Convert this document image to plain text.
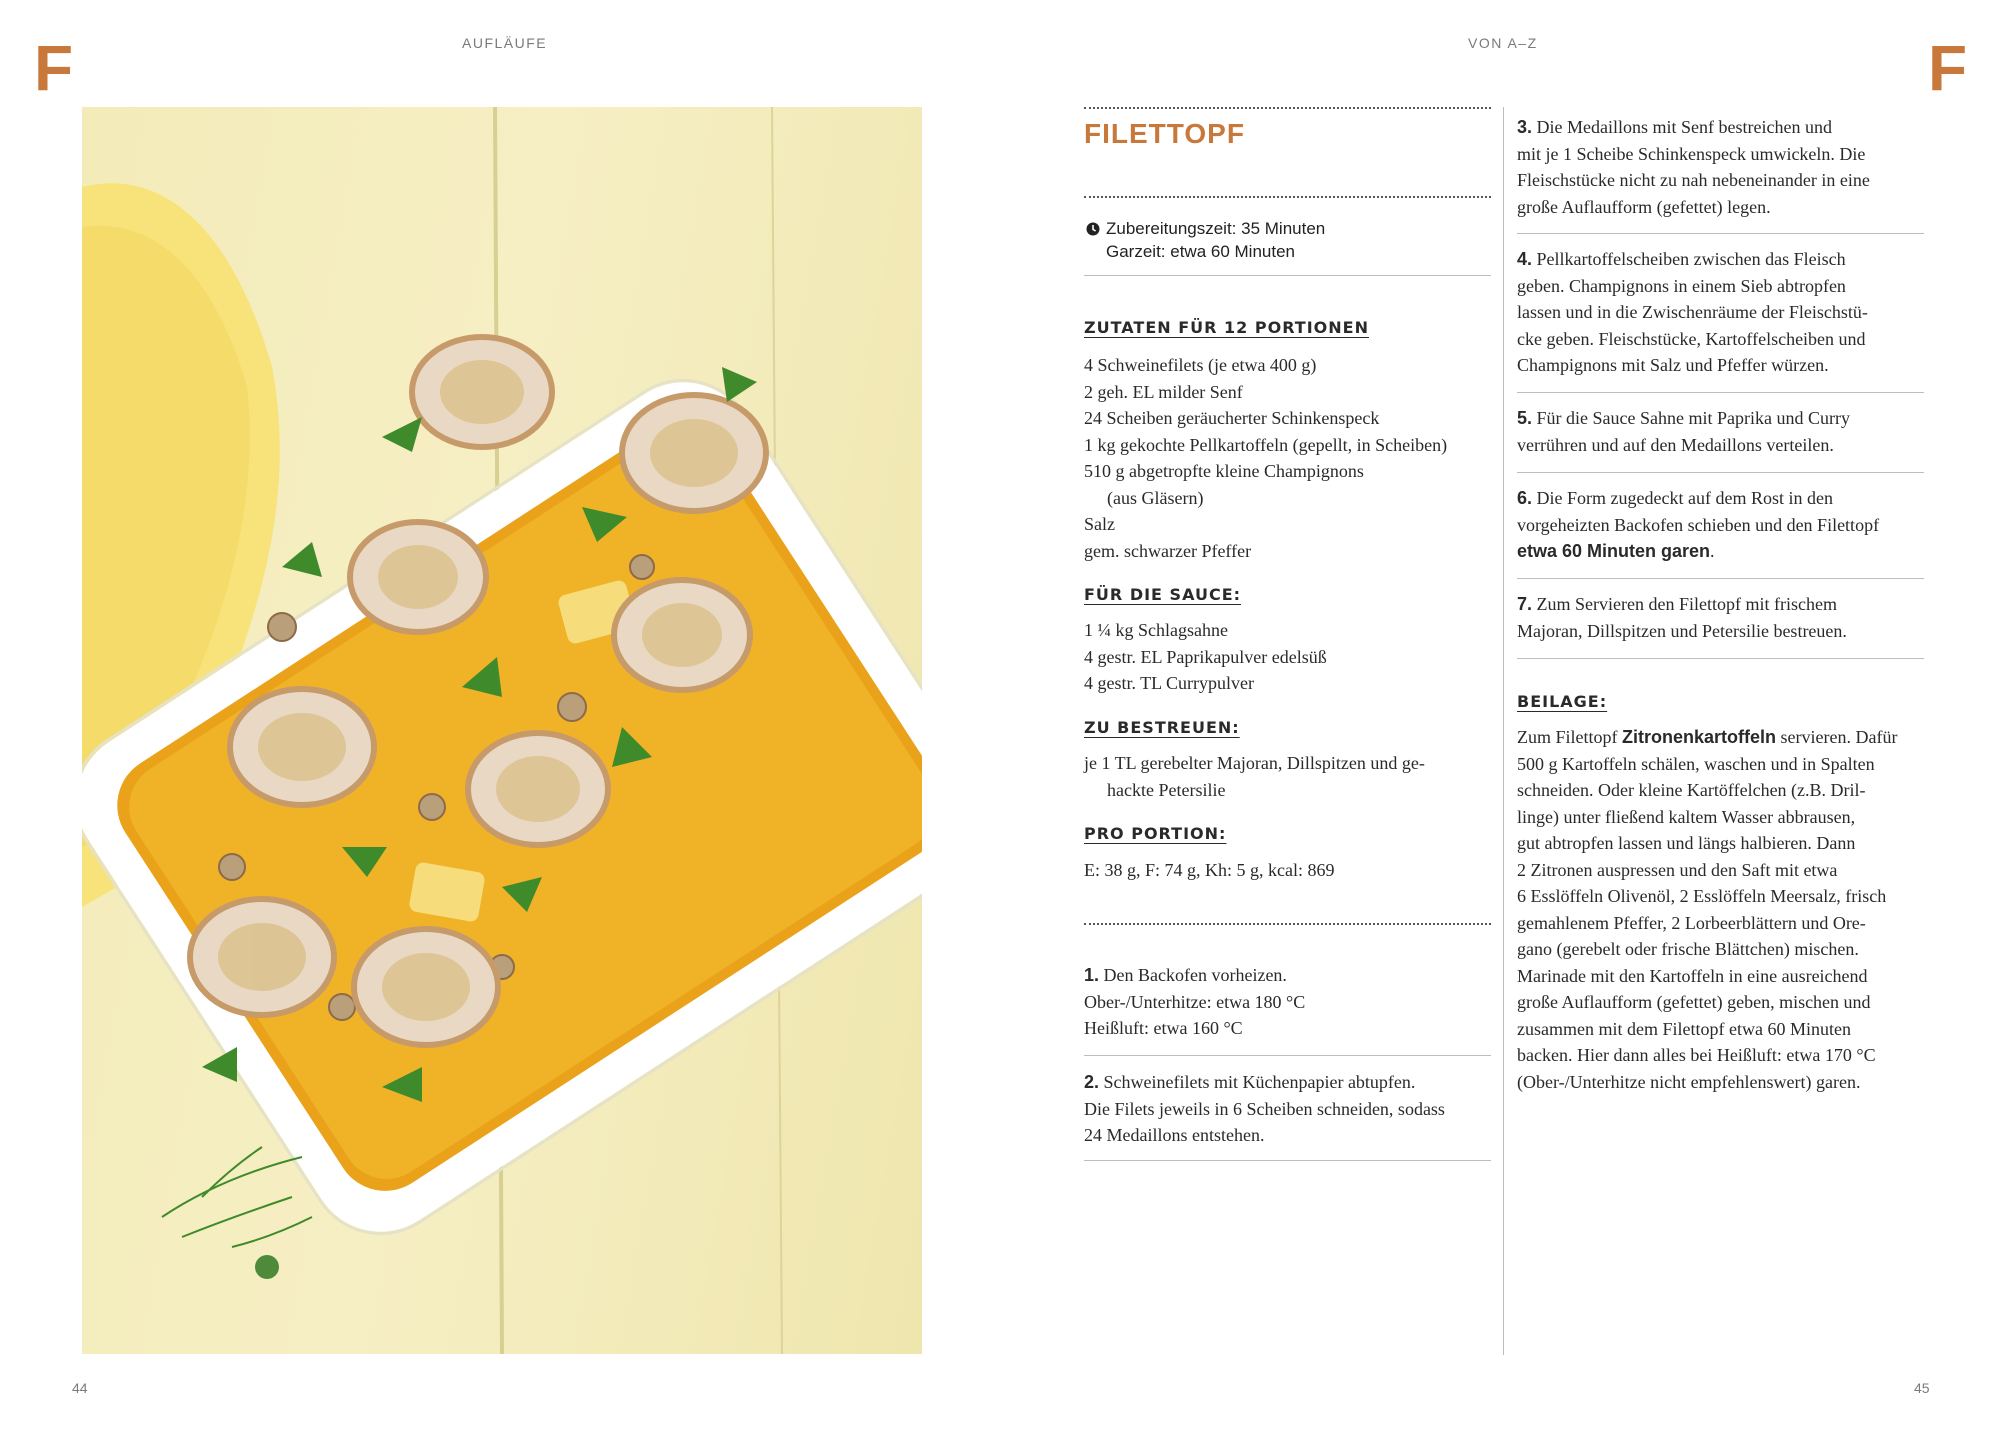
F	AUFLÄUFE
44
VON A–Z	F
FILETTOPF
Zubereitungszeit: 35 Minuten
Garzeit: etwa 60 Minuten
ZUTATEN FÜR 12 PORTIONEN
4 Schweinefilets (je etwa 400 g)
2 geh. EL milder Senf
24 Scheiben geräucherter Schinkenspeck
1 kg gekochte Pellkartoffeln (gepellt, in Scheiben)
510 g abgetropfte kleine Champignons
(aus Gläsern)
Salz
gem. schwarzer Pfeffer
FÜR DIE SAUCE:
1 ¼ kg Schlagsahne
4 gestr. EL Paprikapulver edelsüß
4 gestr. TL Currypulver
ZU BESTREUEN:
je 1 TL gerebelter Majoran, Dillspitzen und ge-
hackte Petersilie
PRO PORTION:
E: 38 g, F: 74 g, Kh: 5 g, kcal: 869
1. Den Backofen vorheizen.
Ober-/Unterhitze: etwa 180 °C
Heißluft: etwa 160 °C
2. Schweinefilets mit Küchenpapier abtupfen.
Die Filets jeweils in 6 Scheiben schneiden, sodass
24 Medaillons entstehen.
3. Die Medaillons mit Senf bestreichen und
mit je 1 Scheibe Schinkenspeck umwickeln. Die
Fleischstücke nicht zu nah nebeneinander in eine
große Auflaufform (gefettet) legen.
4. Pellkartoffelscheiben zwischen das Fleisch
geben. Champignons in einem Sieb abtropfen
lassen und in die Zwischenräume der Fleischstü-
cke geben. Fleischstücke, Kartoffelscheiben und
Champignons mit Salz und Pfeffer würzen.
5. Für die Sauce Sahne mit Paprika und Curry
verrühren und auf den Medaillons verteilen.
6. Die Form zugedeckt auf dem Rost in den
vorgeheizten Backofen schieben und den Filettopf
etwa 60 Minuten garen.
7. Zum Servieren den Filettopf mit frischem
Majoran, Dillspitzen und Petersilie bestreuen.
BEILAGE:
Zum Filettopf Zitronenkartoffeln servieren. Dafür
500 g Kartoffeln schälen, waschen und in Spalten
schneiden. Oder kleine Kartöffelchen (z.B. Dril-
linge) unter fließend kaltem Wasser abbrausen,
gut abtropfen lassen und längs halbieren. Dann
2 Zitronen auspressen und den Saft mit etwa
6 Esslöffeln Olivenöl, 2 Esslöffeln Meersalz, frisch
gemahlenem Pfeffer, 2 Lorbeerblättern und Ore-
gano (gerebelt oder frische Blättchen) mischen.
Marinade mit den Kartoffeln in eine ausreichend
große Auflaufform (gefettet) geben, mischen und
zusammen mit dem Filettopf etwa 60 Minuten
backen. Hier dann alles bei Heißluft: etwa 170 °C
(Ober-/Unterhitze nicht empfehlenswert) garen.
45
